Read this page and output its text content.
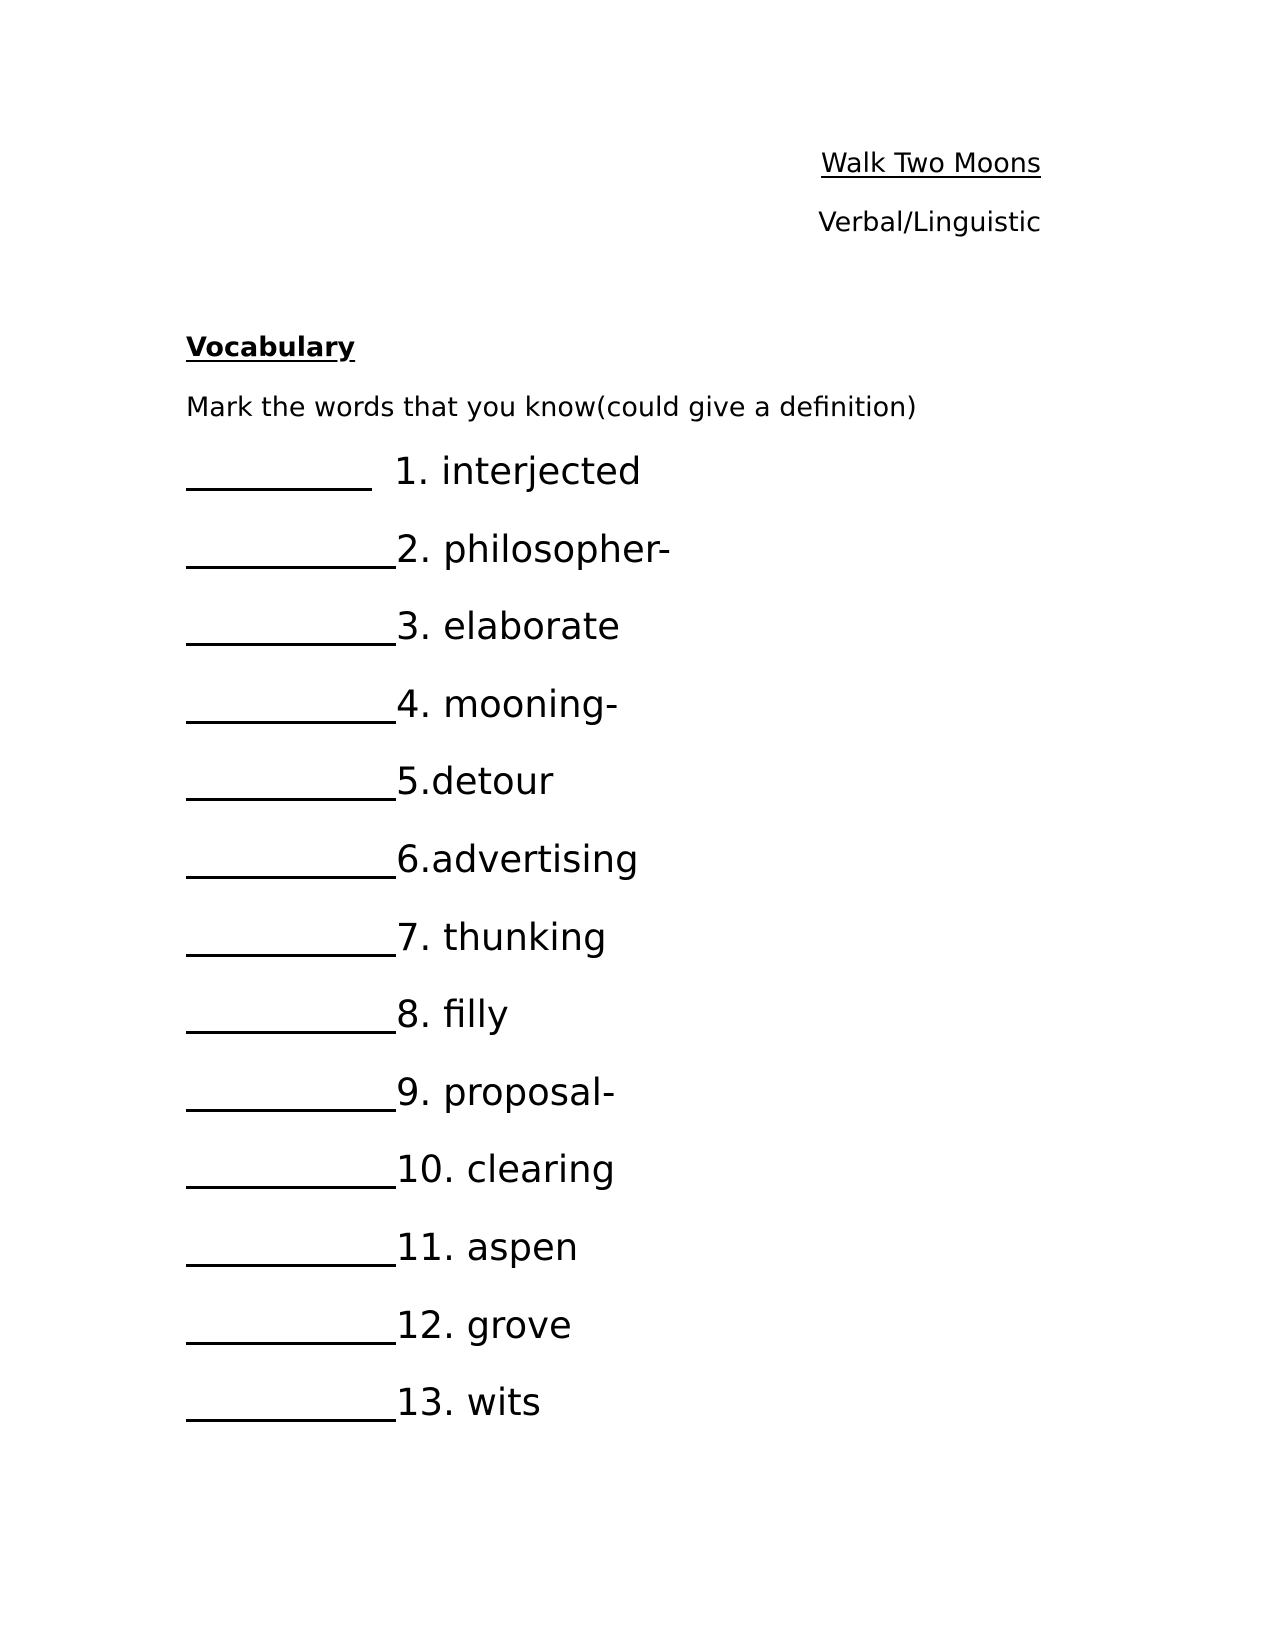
Walk Two Moons
Verbal/Linguistic
Vocabulary
Mark the words that you know(could give a definition)
1. interjected
2. philosopher-
3. elaborate
4. mooning-
5.detour
6.advertising
7. thunking
8. filly
9. proposal-
10. clearing
11. aspen
12. grove
13. wits
